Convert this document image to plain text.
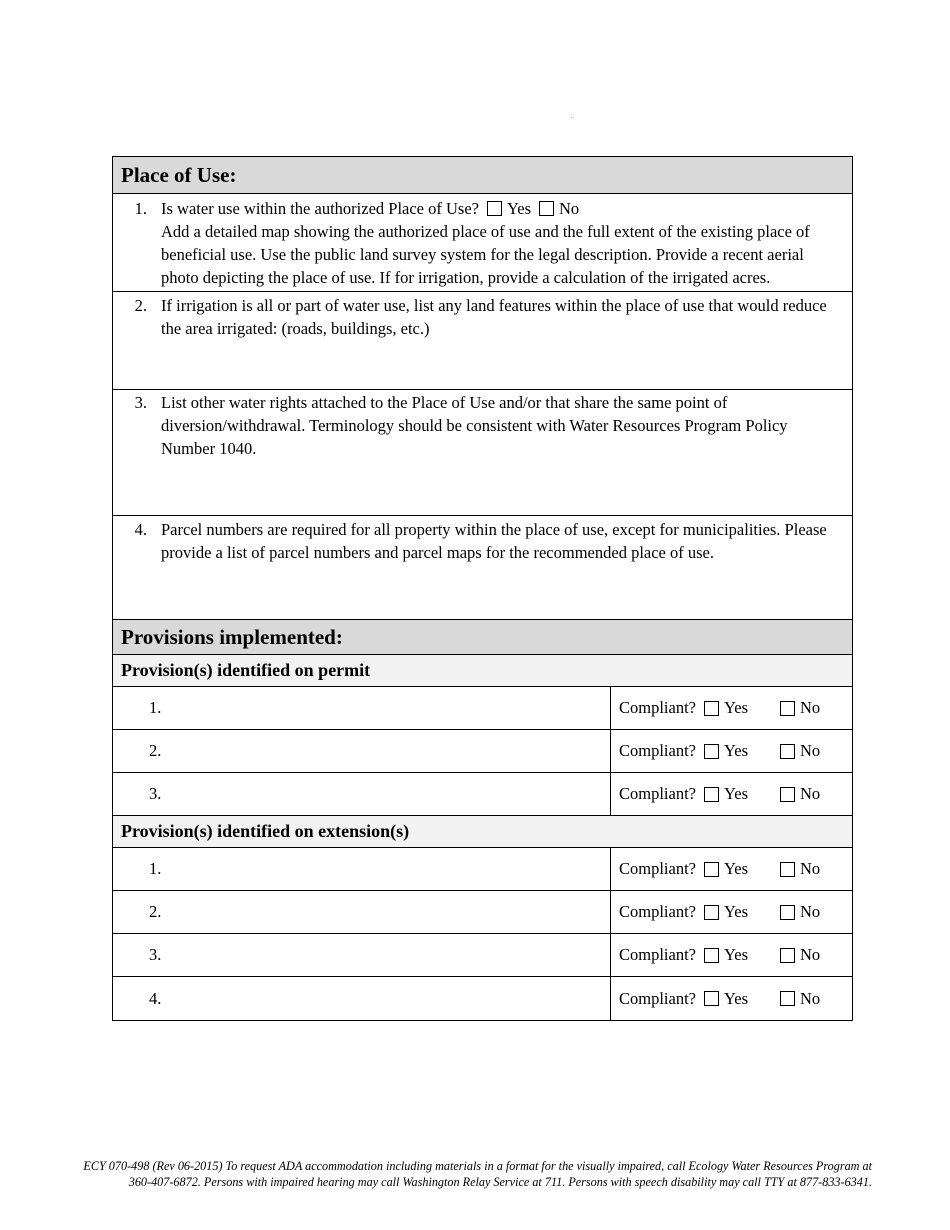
Place of Use:
1. Is water use within the authorized Place of Use? Yes No
Add a detailed map showing the authorized place of use and the full extent of the existing place of beneficial use. Use the public land survey system for the legal description. Provide a recent aerial photo depicting the place of use. If for irrigation, provide a calculation of the irrigated acres.
2. If irrigation is all or part of water use, list any land features within the place of use that would reduce the area irrigated: (roads, buildings, etc.)
3. List other water rights attached to the Place of Use and/or that share the same point of diversion/withdrawal. Terminology should be consistent with Water Resources Program Policy Number 1040.
4. Parcel numbers are required for all property within the place of use, except for municipalities. Please provide a list of parcel numbers and parcel maps for the recommended place of use.
Provisions implemented:
Provision(s) identified on permit
1.	Compliant? Yes	No
2.	Compliant? Yes	No
3.	Compliant? Yes	No
Provision(s) identified on extension(s)
1.	Compliant? Yes	No
2.	Compliant? Yes	No
3.	Compliant? Yes	No
4.	Compliant? Yes	No
ECY 070-498 (Rev 06-2015) To request ADA accommodation including materials in a format for the visually impaired, call Ecology Water Resources Program at
360-407-6872. Persons with impaired hearing may call Washington Relay Service at 711. Persons with speech disability may call TTY at 877-833-6341.
